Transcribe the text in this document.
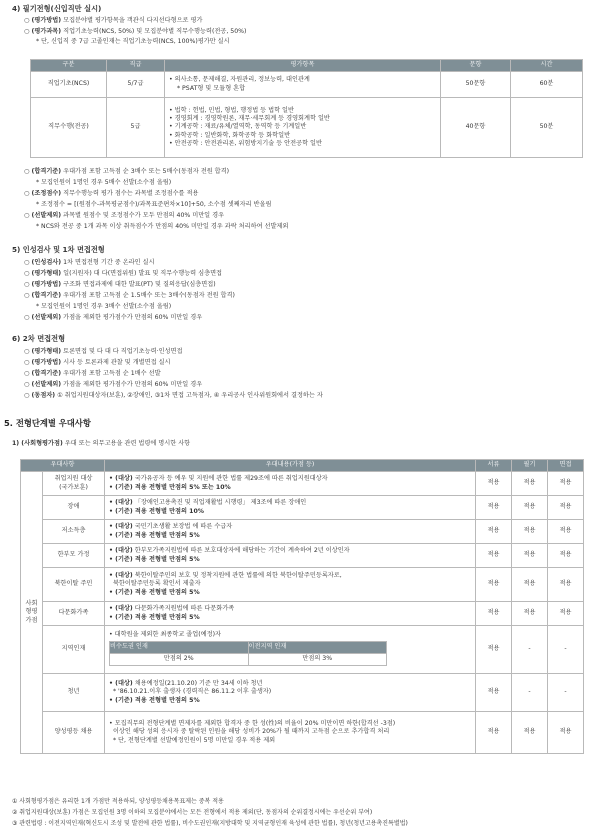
4) 필기전형(신입직만 실시)
○ (평가방법) 모집분야별 평가항목을 객관식 다지선다형으로 평가
○ (평가과목) 직업기초능력(NCS, 50%) 및 모집분야별 직무수행능력(전공, 50%)
* 단, 신입직 중 7급 고졸인재는 직업기초능력(NCS, 100%)평가만 실시
구분	직급	평가항목	문항	시간
직업기초(NCS)	5/7급	• 의사소통, 문제해결, 자원관리, 정보능력, 대인관계
* PSAT형 및 모듈형 혼합	50문항	60분
직무수행(전공)	5급	• 법학 : 헌법, 민법, 형법, 행정법 등 법학 일반
• 경영회계 : 경영학원론, 재무·세무회계 등 경영회계학 일반
• 기계공학 : 재료/유체/열역학, 동역학 등 기계일반
• 화학공학 : 일반화학, 화학공학 등 화학일반
• 안전공학 : 안전관리론, 위험방지기술 등 안전공학 일반	40문항	50분
○ (합격기준) 우대가점 포함 고득점 순 3배수 또는 5배수(동점자 전원 합격)
* 모집인원이 1명인 경우 5배수 선발(소수점 올림)
○ (조정점수) 직무수행능력 평가 점수는 과목별 조정점수를 적용
* 조정점수 = [(원점수-과목평균점수)/과목표준편차×10]+50, 소수점 셋째자리 반올림
○ (선발제외) 과목별 원점수 및 조정점수가 모두 만점의 40% 미만일 경우
* NCS와 전공 중 1개 과목 이상 취득점수가 만점의 40% 미만일 경우 과락 처리하여 선발제외
5) 인성검사 및 1차 면접전형
○ (인성검사) 1차 면접전형 기간 중 온라인 실시
○ (평가형태) 일(지원자) 대 다(면접위원) 발표 및 직무수행능력 심층면접
○ (평가방법) 구조화 면접과제에 대한 발표(PT) 및 질의응답(심층면접)
○ (합격기준) 우대가점 포함 고득점 순 1.5배수 또는 3배수(동점자 전원 합격)
* 모집인원이 1명인 경우 3배수 선발(소수점 올림)
○ (선발제외) 가점을 제외한 평가점수가 만점의 60% 미만일 경우
6) 2차 면접전형
○ (평가형태) 토론면접 및 다 대 다 직업기초능력·인성면접
○ (평가방법) 시사 등 토론과제 관찰 및 개별면접 실시
○ (합격기준) 우대가점 포함 고득점 순 1배수 선발
○ (선발제외) 가점을 제외한 평가점수가 만점의 60% 미만일 경우
○ (동점자) ① 취업지원대상자(보훈), ②장애인, ③1차 면접 고득점자, ④ 우리공사 인사위원회에서 결정하는 자
5. 전형단계별 우대사항
1) (사회형평가점) 우대 또는 의무고용을 관련 법령에 명시한 사항
우대사항	우대내용(가점 등)	서류	필기	면접
사회
형평
가점	취업지원 대상
(국가보훈)	
• (대상) 국가유공자 등 예우 및 지원에 관한 법률 제29조에 따른 취업지원대상자
• (기준) 적용 전형별 만점의 5% 또는 10%
	적용	적용	적용
장애	
• (대상) 「장애인고용촉진 및 직업재활법 시행령」 제3조에 따른 장애인
• (기준) 적용 전형별 만점의 10%
	적용	적용	적용
저소득층	
• (대상) 국민기초생활 보장법 에 따른 수급자
• (기준) 적용 전형별 만점의 5%
	적용	적용	적용
한부모 가정	
• (대상) 한부모가족지원법에 따른 보호대상자에 해당하는 기간이 계속하여 2년 이상인자
• (기준) 적용 전형별 만점의 5%
	적용	적용	적용
북한이탈 주민	
• (대상) 북한이탈주민의 보호 및 정착지원에 관한 법률에 의한 북한이탈주민등록자로,
북한이탈주민등록 확인서 제출자
• (기준) 적용 전형별 만점의 5%
	적용	적용	적용
다문화가족	
• (대상) 다문화가족지원법에 따른 다문화가족
• (기준) 적용 전형별 만점의 5%
	적용	적용	적용
지역인재	
• 대학원을 제외한 최종학교 졸업(예정)자
비수도권 인재	이전지역 인재
만점의 2%	만점의 3%
	적용	-	-
청년	
• (대상) 채용예정일(21.10.20) 기준 만 34세 이하 청년
* '86.10.21.이후 출생자 (경력직은 86.11.2 이후 출생자)
• (기준) 적용 전형별 만점의 5%
	적용	-	-
양성평등 채용	
• 모집직무의 전형단계별 면제자를 제외한 합격자 중 한 성(性)의 비율이 20% 미만이면 하한(합격선 -3점)
이상인 해당 성의 응시자 중 탈락된 인원을 해당 성비가 20%가 될 때까지 고득점 순으로 추가합격 처리
* 단, 전형단계별 선발예정인원이 5명 미만일 경우 적용 제외
	적용	적용	적용
① 사회형평가점은 유리한 1개 가점만 적용하되, 양성평등채용목표제는 중복 적용
② 취업지원대상(보훈) 가점은 모집인원 3명 이하의 모집분야에서는 모든 전형에서 적용 제외(단, 동점자의 순위결정시에는 우선순위 부여)
③ 관련법령 : 이전지역인재(혁신도시 조성 및 발전에 관한 법률), 비수도권인재(지방대학 및 지역균형인재 육성에 관한 법률), 청년(청년고용촉진특별법)
